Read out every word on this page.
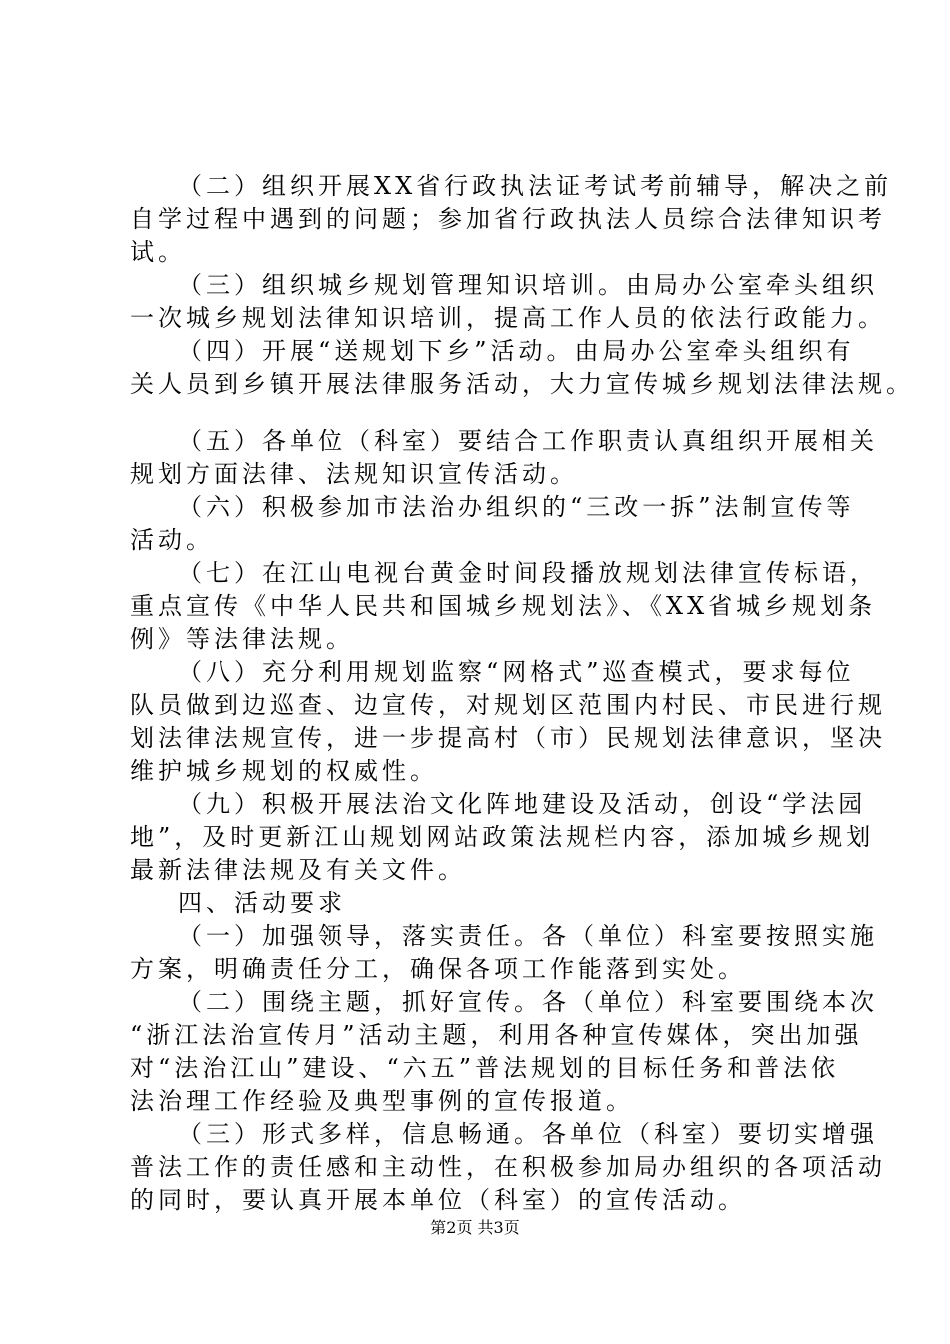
（二）组织开展XX省行政执法证考试考前辅导，解决之前
自学过程中遇到的问题；参加省行政执法人员综合法律知识考
试。
（三）组织城乡规划管理知识培训。由局办公室牵头组织
一次城乡规划法律知识培训，提高工作人员的依法行政能力。
（四）开展“送规划下乡”活动。由局办公室牵头组织有
关人员到乡镇开展法律服务活动，大力宣传城乡规划法律法规。
（五）各单位（科室）要结合工作职责认真组织开展相关
规划方面法律、法规知识宣传活动。
（六）积极参加市法治办组织的“三改一拆”法制宣传等
活动。
（七）在江山电视台黄金时间段播放规划法律宣传标语，
重点宣传《中华人民共和国城乡规划法》、《XX省城乡规划条
例》等法律法规。
（八）充分利用规划监察“网格式”巡查模式，要求每位
队员做到边巡查、边宣传，对规划区范围内村民、市民进行规
划法律法规宣传，进一步提高村（市）民规划法律意识，坚决
维护城乡规划的权威性。
（九）积极开展法治文化阵地建设及活动，创设“学法园
地”，及时更新江山规划网站政策法规栏内容，添加城乡规划
最新法律法规及有关文件。
四、活动要求
（一）加强领导，落实责任。各（单位）科室要按照实施
方案，明确责任分工，确保各项工作能落到实处。
（二）围绕主题，抓好宣传。各（单位）科室要围绕本次
“浙江法治宣传月”活动主题，利用各种宣传媒体，突出加强
对“法治江山”建设、“六五”普法规划的目标任务和普法依
法治理工作经验及典型事例的宣传报道。
（三）形式多样，信息畅通。各单位（科室）要切实增强
普法工作的责任感和主动性，在积极参加局办组织的各项活动
的同时，要认真开展本单位（科室）的宣传活动。
第2页 共3页
